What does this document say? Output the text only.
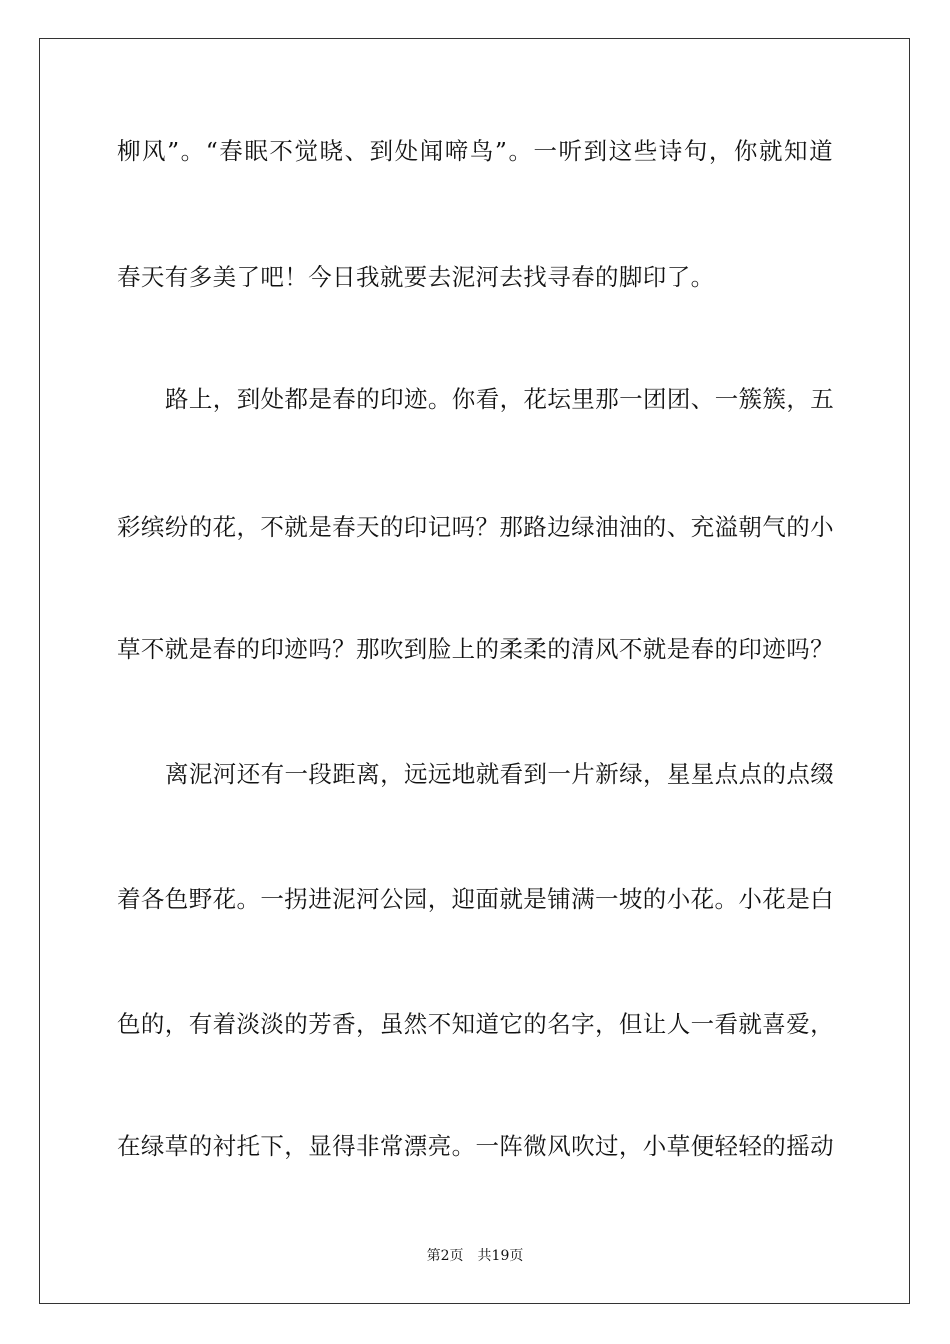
柳风”。“春眠不觉晓、到处闻啼鸟”。一听到这些诗句，你就知道
春天有多美了吧！今日我就要去泥河去找寻春的脚印了。
路上，到处都是春的印迹。你看，花坛里那一团团、一簇簇，五
彩缤纷的花，不就是春天的印记吗？那路边绿油油的、充溢朝气的小
草不就是春的印迹吗？那吹到脸上的柔柔的清风不就是春的印迹吗？
离泥河还有一段距离，远远地就看到一片新绿，星星点点的点缀
着各色野花。一拐进泥河公园，迎面就是铺满一坡的小花。小花是白
色的，有着淡淡的芳香，虽然不知道它的名字，但让人一看就喜爱，
在绿草的衬托下，显得非常漂亮。一阵微风吹过，小草便轻轻的摇动
第2页 共19页
